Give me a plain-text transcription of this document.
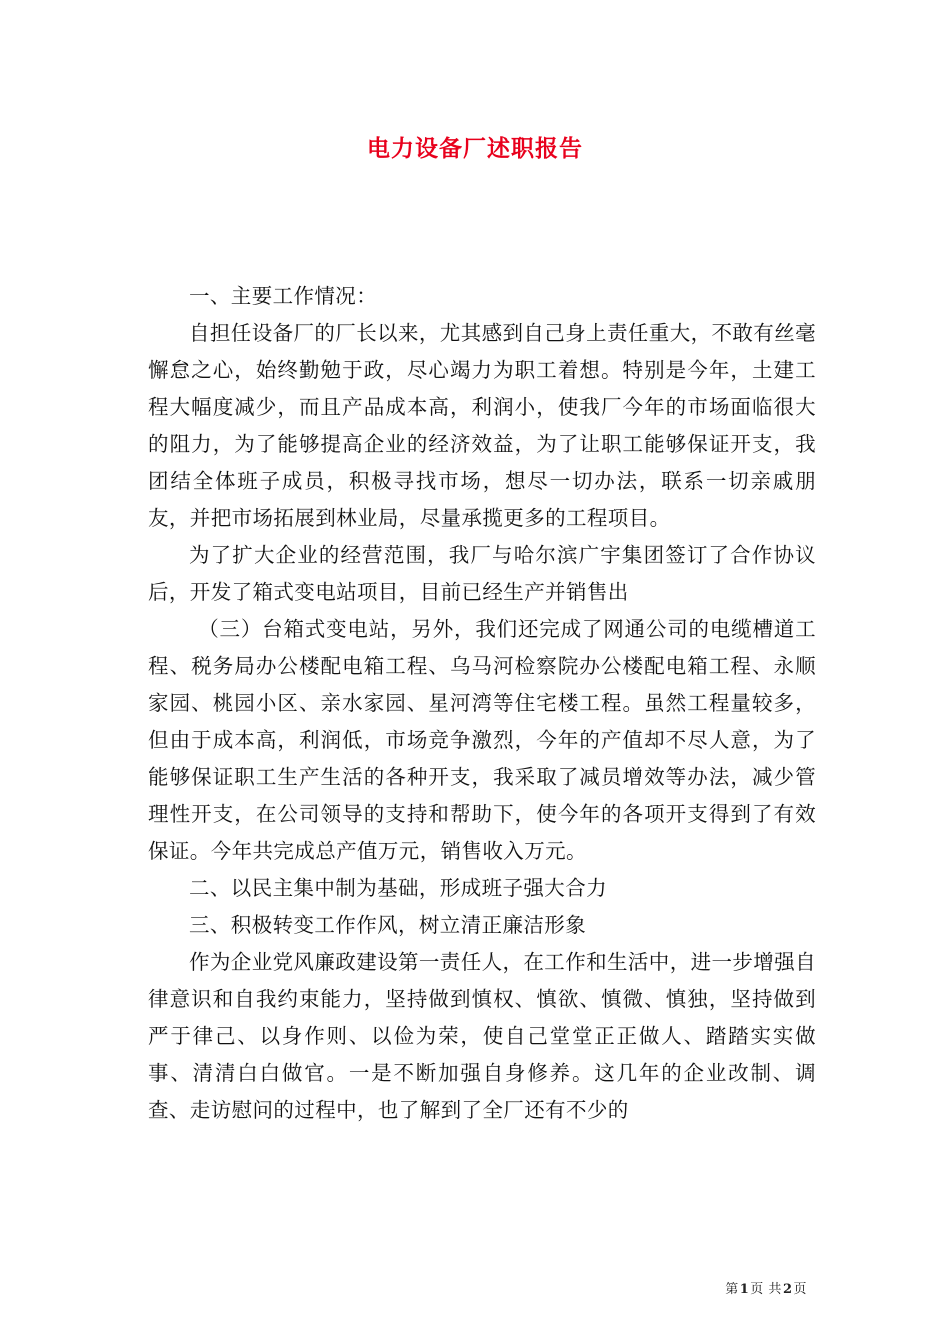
电力设备厂述职报告

一、主要工作情况：

自担任设备厂的厂长以来，尤其感到自己身上责任重大，不敢有丝毫懈怠之心，始终勤勉于政，尽心竭力为职工着想。特别是今年，土建工程大幅度减少，而且产品成本高，利润小，使我厂今年的市场面临很大的阻力，为了能够提高企业的经济效益，为了让职工能够保证开支，我团结全体班子成员，积极寻找市场，想尽一切办法，联系一切亲戚朋友，并把市场拓展到林业局，尽量承揽更多的工程项目。

为了扩大企业的经营范围，我厂与哈尔滨广宇集团签订了合作协议后，开发了箱式变电站项目，目前已经生产并销售出

（三）台箱式变电站，另外，我们还完成了网通公司的电缆槽道工程、税务局办公楼配电箱工程、乌马河检察院办公楼配电箱工程、永顺家园、桃园小区、亲水家园、星河湾等住宅楼工程。虽然工程量较多，但由于成本高，利润低，市场竞争激烈，今年的产值却不尽人意，为了能够保证职工生产生活的各种开支，我采取了减员增效等办法，减少管理性开支，在公司领导的支持和帮助下，使今年的各项开支得到了有效保证。今年共完成总产值万元，销售收入万元。

二、以民主集中制为基础，形成班子强大合力

三、积极转变工作作风，树立清正廉洁形象

作为企业党风廉政建设第一责任人，在工作和生活中，进一步增强自律意识和自我约束能力，坚持做到慎权、慎欲、慎微、慎独，坚持做到严于律己、以身作则、以俭为荣，使自己堂堂正正做人、踏踏实实做事、清清白白做官。一是不断加强自身修养。这几年的企业改制、调查、走访慰问的过程中，也了解到了全厂还有不少的

第1页 共2页
